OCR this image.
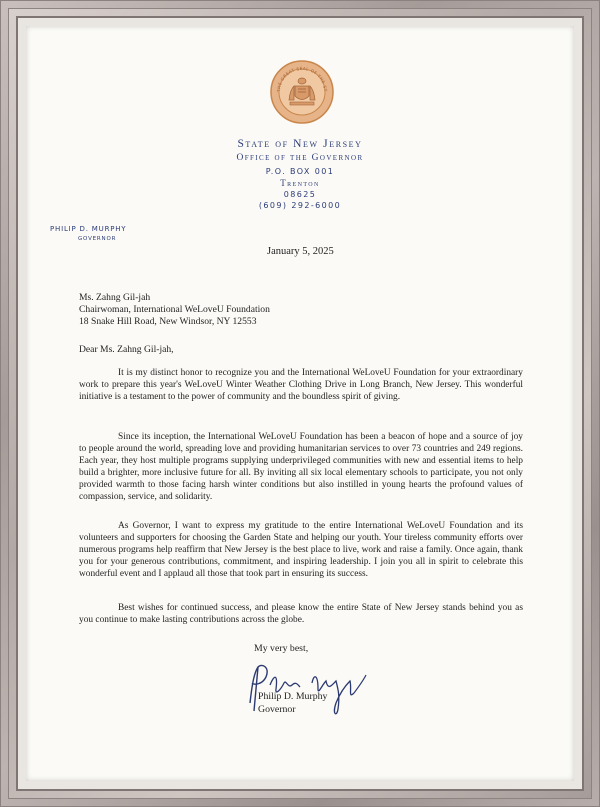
THE GREAT SEAL OF THE ST
State of New Jersey
Office of the Governor
P.O. BOX 001
Trenton
08625
(609) 292-6000
PHILIP D. MURPHY
GOVERNOR
January 5, 2025
Ms. Zahng Gil-jah
Chairwoman, International WeLoveU Foundation
18 Snake Hill Road, New Windsor, NY 12553
Dear Ms. Zahng Gil-jah,
It is my distinct honor to recognize you and the International WeLoveU Foundation for your extraordinary work to prepare this year's WeLoveU Winter Weather Clothing Drive in Long Branch, New Jersey. This wonderful initiative is a testament to the power of community and the boundless spirit of giving.
Since its inception, the International WeLoveU Foundation has been a beacon of hope and a source of joy to people around the world, spreading love and providing humanitarian services to over 73 countries and 249 regions. Each year, they host multiple programs supplying underprivileged communities with new and essential items to help build a brighter, more inclusive future for all. By inviting all six local elementary schools to participate, you not only provided warmth to those facing harsh winter conditions but also instilled in young hearts the profound values of compassion, service, and solidarity.
As Governor, I want to express my gratitude to the entire International WeLoveU Foundation and its volunteers and supporters for choosing the Garden State and helping our youth. Your tireless community efforts over numerous programs help reaffirm that New Jersey is the best place to live, work and raise a family. Once again, thank you for your generous contributions, commitment, and inspiring leadership. I join you all in spirit to celebrate this wonderful event and I applaud all those that took part in ensuring its success.
Best wishes for continued success, and please know the entire State of New Jersey stands behind you as you continue to make lasting contributions across the globe.
My very best,
Philip D. Murphy
Governor
